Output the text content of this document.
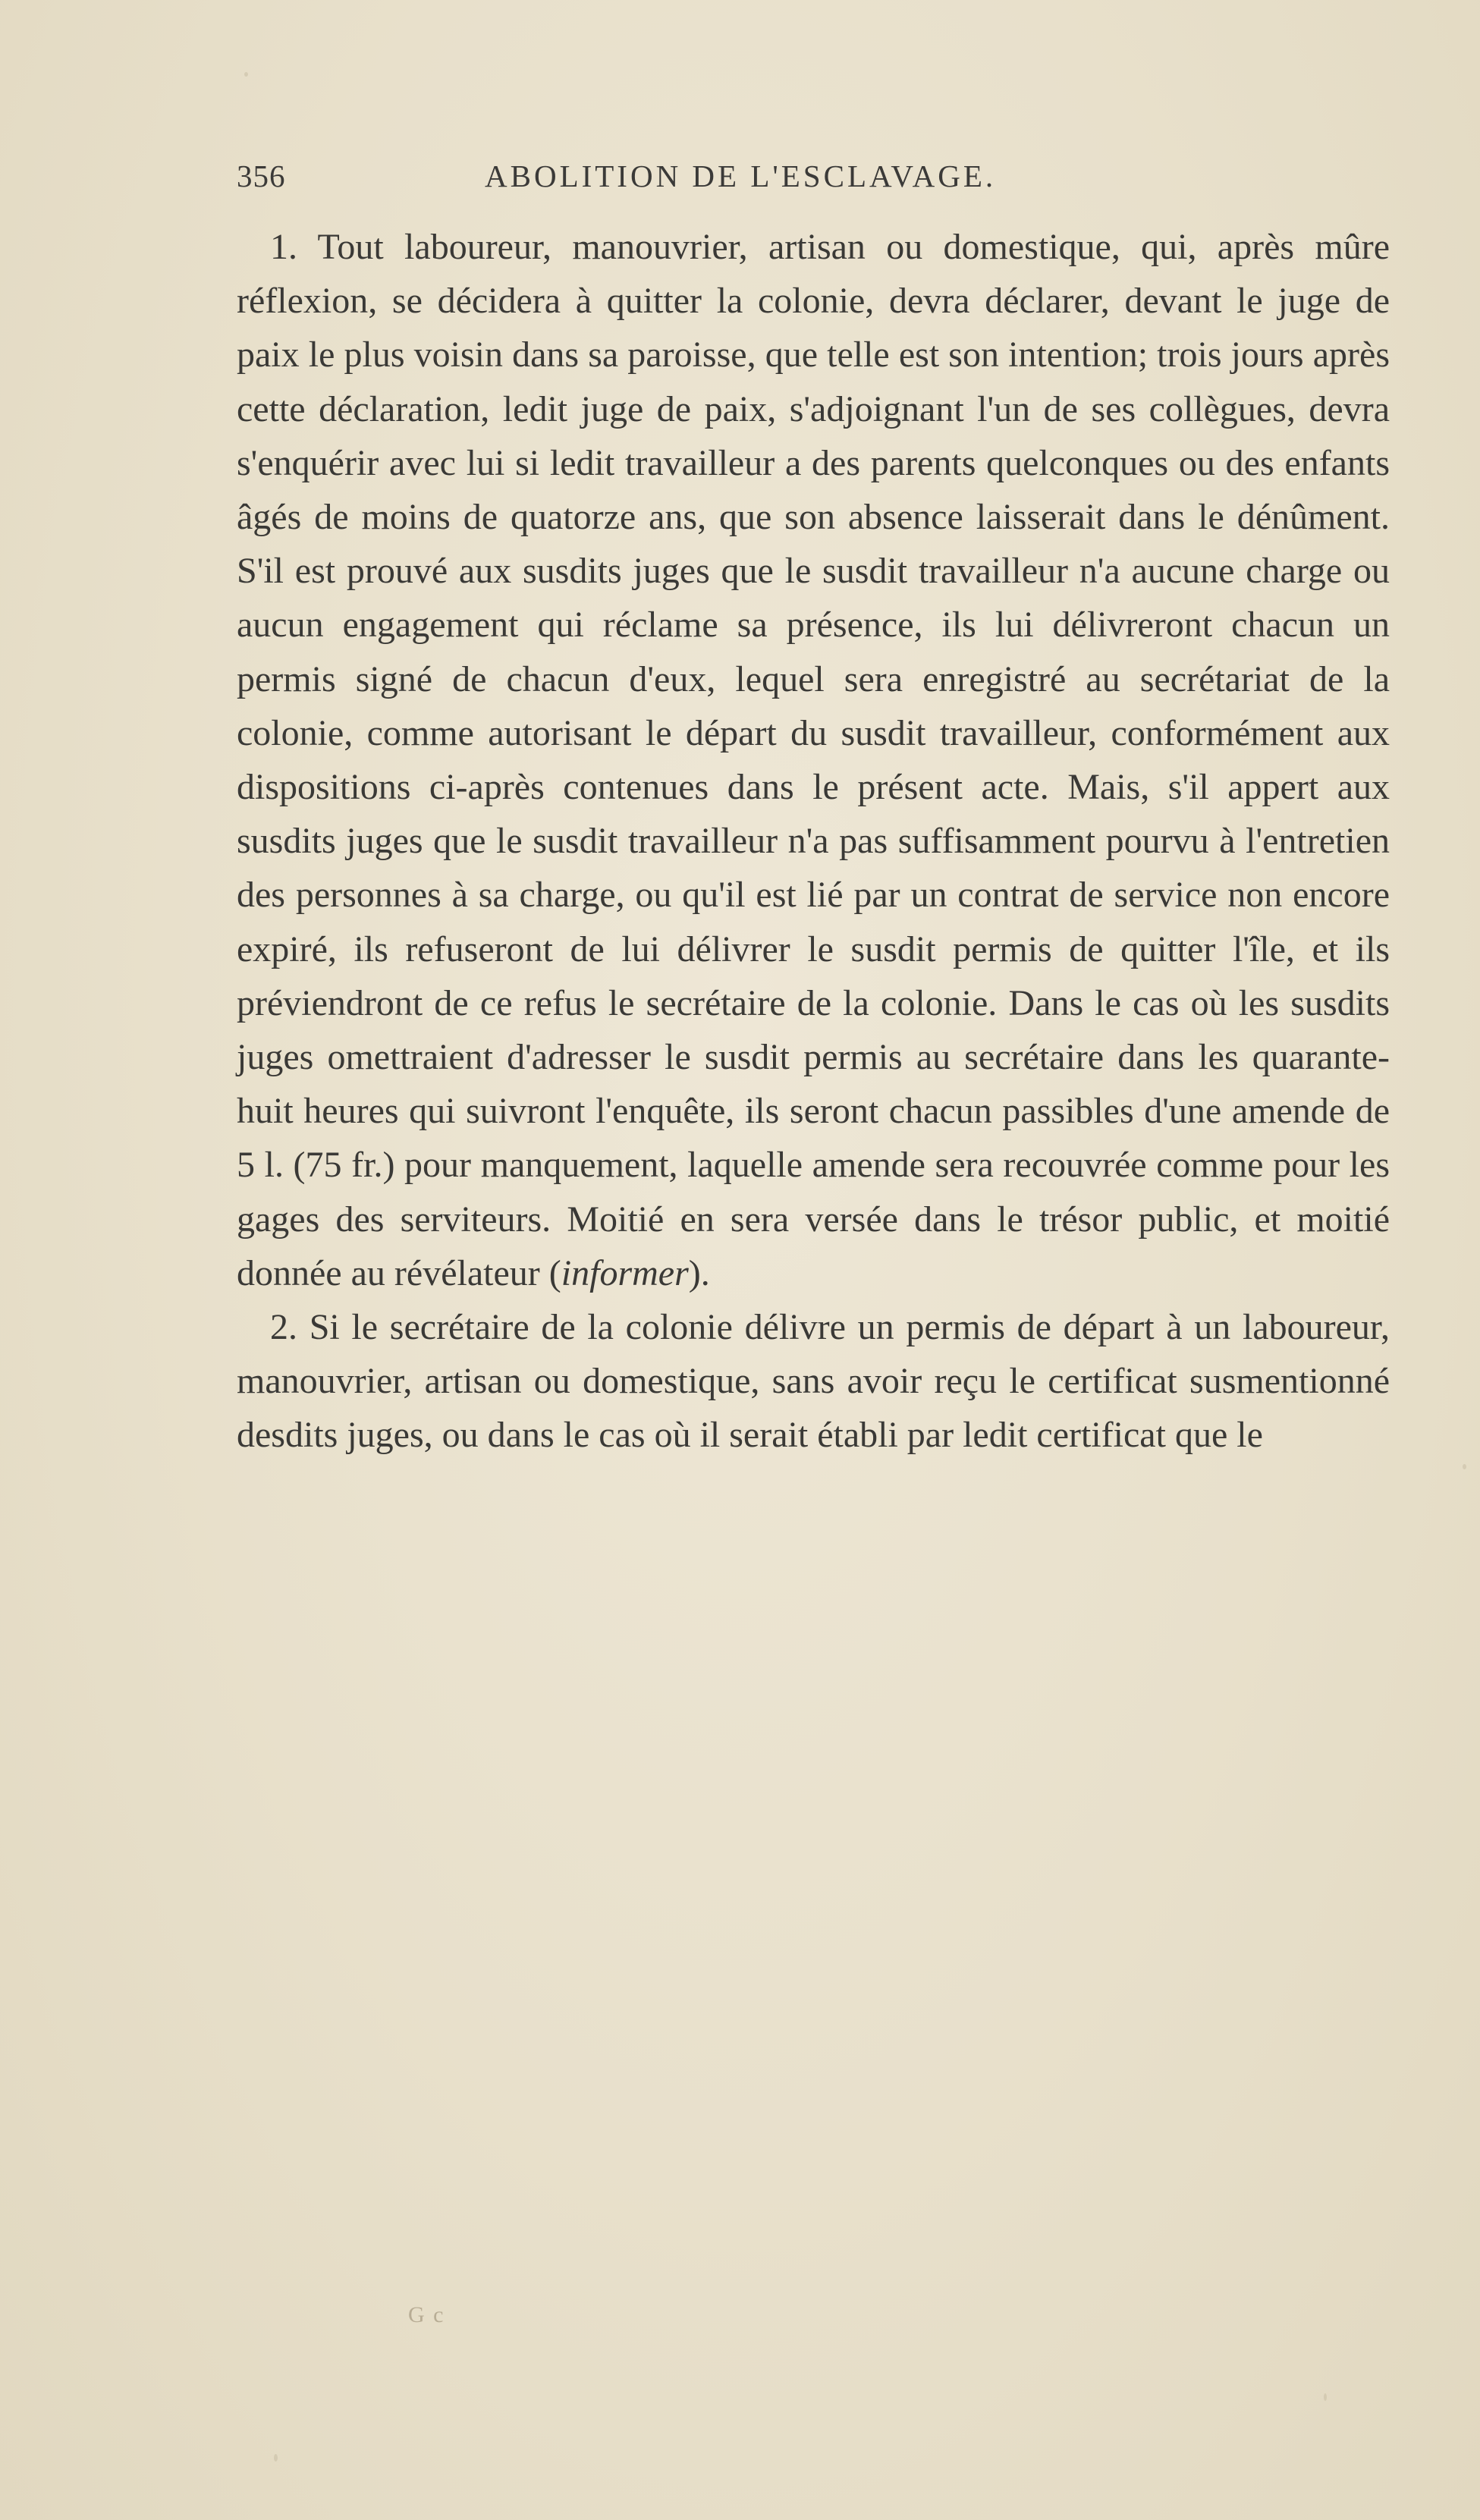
356	ABOLITION DE L'ESCLAVAGE.

1. Tout laboureur, manouvrier, artisan ou domestique, qui, après mûre réflexion, se décidera à quitter la colonie, devra déclarer, devant le juge de paix le plus voisin dans sa paroisse, que telle est son intention; trois jours après cette déclaration, ledit juge de paix, s'adjoignant l'un de ses collègues, devra s'enquérir avec lui si ledit travailleur a des parents quelconques ou des enfants âgés de moins de quatorze ans, que son absence laisserait dans le dénûment. S'il est prouvé aux susdits juges que le susdit travailleur n'a aucune charge ou aucun engagement qui réclame sa présence, ils lui délivreront chacun un permis signé de chacun d'eux, lequel sera enregistré au secrétariat de la colonie, comme autorisant le départ du susdit travailleur, conformément aux dispositions ci-après contenues dans le présent acte. Mais, s'il appert aux susdits juges que le susdit travailleur n'a pas suffisamment pourvu à l'entretien des personnes à sa charge, ou qu'il est lié par un contrat de service non encore expiré, ils refuseront de lui délivrer le susdit permis de quitter l'île, et ils préviendront de ce refus le secrétaire de la colonie. Dans le cas où les susdits juges omettraient d'adresser le susdit permis au secrétaire dans les quarante-huit heures qui suivront l'enquête, ils seront chacun passibles d'une amende de 5 l. (75 fr.) pour manquement, laquelle amende sera recouvrée comme pour les gages des serviteurs. Moitié en sera versée dans le trésor public, et moitié donnée au révélateur (informer).

2. Si le secrétaire de la colonie délivre un permis de départ à un laboureur, manouvrier, artisan ou domestique, sans avoir reçu le certificat susmentionné desdits juges, ou dans le cas où il serait établi par ledit certificat que le

G c
